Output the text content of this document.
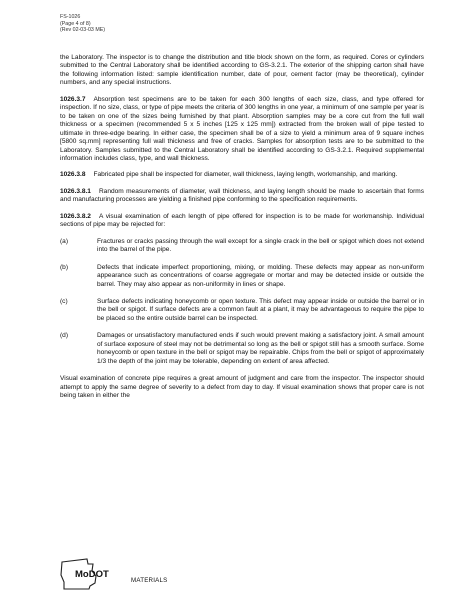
FS-1026
(Page 4 of 8)
(Rev 02-03-03 ME)

the Laboratory. The inspector is to change the distribution and title block shown on the form, as required. Cores or cylinders submitted to the Central Laboratory shall be identified according to GS-3.2.1. The exterior of the shipping carton shall have the following information listed: sample identification number, date of pour, cement factor (may be theoretical), cylinder numbers, and any special instructions.

1026.3.7 Absorption test specimens are to be taken for each 300 lengths of each size, class, and type offered for inspection. If no size, class, or type of pipe meets the criteria of 300 lengths in one year, a minimum of one sample per year is to be taken on one of the sizes being furnished by that plant. Absorption samples may be a core cut from the full wall thickness or a specimen (recommended 5 x 5 inches [125 x 125 mm]) extracted from the broken wall of pipe tested to ultimate in three-edge bearing. In either case, the specimen shall be of a size to yield a minimum area of 9 square inches [5800 sq.mm] representing full wall thickness and free of cracks. Samples for absorption tests are to be submitted to the Laboratory. Samples submitted to the Central Laboratory shall be identified according to GS-3.2.1. Required supplemental information includes class, type, and wall thickness.

1026.3.8 Fabricated pipe shall be inspected for diameter, wall thickness, laying length, workmanship, and marking.

1026.3.8.1 Random measurements of diameter, wall thickness, and laying length should be made to ascertain that forms and manufacturing processes are yielding a finished pipe conforming to the specification requirements.

1026.3.8.2 A visual examination of each length of pipe offered for inspection is to be made for workmanship. Individual sections of pipe may be rejected for:

(a)	Fractures or cracks passing through the wall except for a single crack in the bell or spigot which does not extend into the barrel of the pipe.
(b)	Defects that indicate imperfect proportioning, mixing, or molding. These defects may appear as non-uniform appearance such as concentrations of coarse aggregate or mortar and may be detected inside or outside the barrel. They may also appear as non-uniformity in lines or shape.
(c)	Surface defects indicating honeycomb or open texture. This defect may appear inside or outside the barrel or in the bell or spigot. If surface defects are a common fault at a plant, it may be advantageous to require the pipe to be placed so the entire outside barrel can be inspected.
(d)	Damages or unsatisfactory manufactured ends if such would prevent making a satisfactory joint. A small amount of surface exposure of steel may not be detrimental so long as the bell or spigot still has a smooth surface. Some honeycomb or open texture in the bell or spigot may be repairable. Chips from the bell or spigot of approximately 1/3 the depth of the joint may be tolerable, depending on extent of area affected.

Visual examination of concrete pipe requires a great amount of judgment and care from the inspector. The inspector should attempt to apply the same degree of severity to a defect from day to day. If visual examination shows that proper care is not being taken in either the

MoDOT
MATERIALS
